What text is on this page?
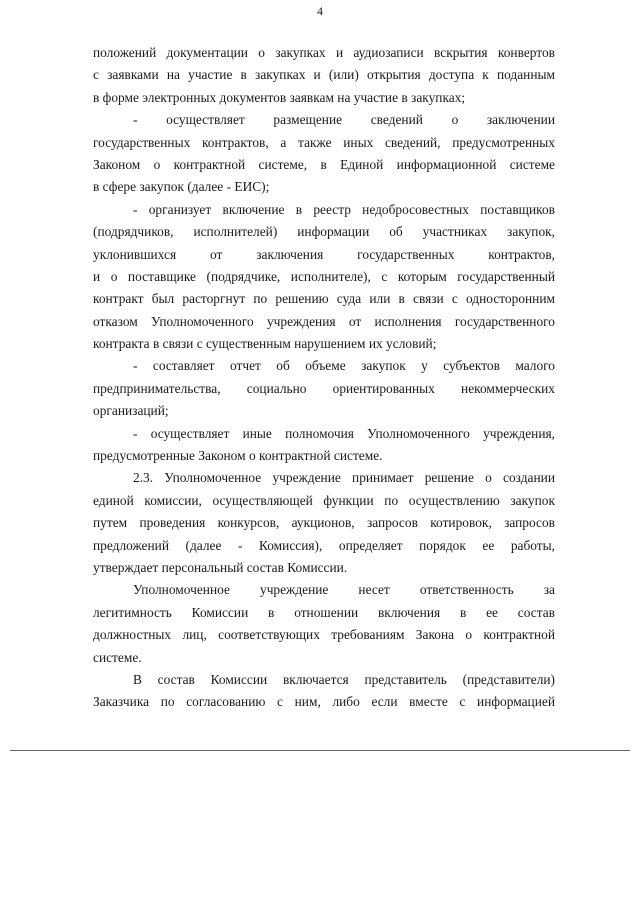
4
положений документации о закупках и аудиозаписи вскрытия конвертов
с заявками на участие в закупках и (или) открытия доступа к поданным
в форме электронных документов заявкам на участие в закупках;
- осуществляет размещение сведений о заключении
государственных контрактов, а также иных сведений, предусмотренных
Законом о контрактной системе, в Единой информационной системе
в сфере закупок (далее - ЕИС);
- организует включение в реестр недобросовестных поставщиков
(подрядчиков, исполнителей) информации об участниках закупок,
уклонившихся от заключения государственных контрактов,
и о поставщике (подрядчике, исполнителе), с которым государственный
контракт был расторгнут по решению суда или в связи с односторонним
отказом Уполномоченного учреждения от исполнения государственного
контракта в связи с существенным нарушением их условий;
- составляет отчет об объеме закупок у субъектов малого
предпринимательства, социально ориентированных некоммерческих
организаций;
- осуществляет иные полномочия Уполномоченного учреждения,
предусмотренные Законом о контрактной системе.
2.3. Уполномоченное учреждение принимает решение о создании
единой комиссии, осуществляющей функции по осуществлению закупок
путем проведения конкурсов, аукционов, запросов котировок, запросов
предложений (далее - Комиссия), определяет порядок ее работы,
утверждает персональный состав Комиссии.
Уполномоченное учреждение несет ответственность за
легитимность Комиссии в отношении включения в ее состав
должностных лиц, соответствующих требованиям Закона о контрактной
системе.
В состав Комиссии включается представитель (представители)
Заказчика по согласованию с ним, либо если вместе с информацией
